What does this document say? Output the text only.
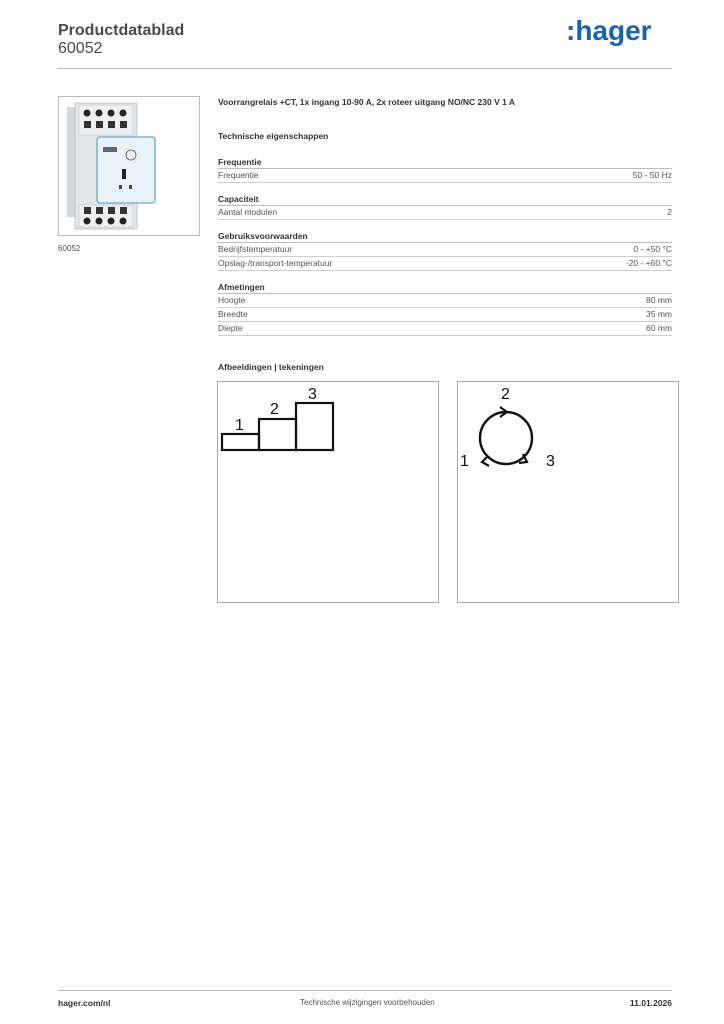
Productdatablad
60052
:hager
60052
Voorrangrelais +CT, 1x ingang 10-90 A, 2x roteer uitgang NO/NC 230 V 1 A
Technische eigenschappen
Frequentie
Frequentie	50 - 50 Hz
Capaciteit
Aantal modulen	2
Gebruiksvoorwaarden
Bedrijfstemperatuur	0 - +50 °C
Opslag-/transport-temperatuur	-20 - +60 °C
Afmetingen
Hoogte	80 mm
Breedte	35 mm
Diepte	60 mm
Afbeeldingen | tekeningen
1
2
3	2
1	3
hager.com/nl	Technische wijzigingen voorbehouden	11.01.2026
